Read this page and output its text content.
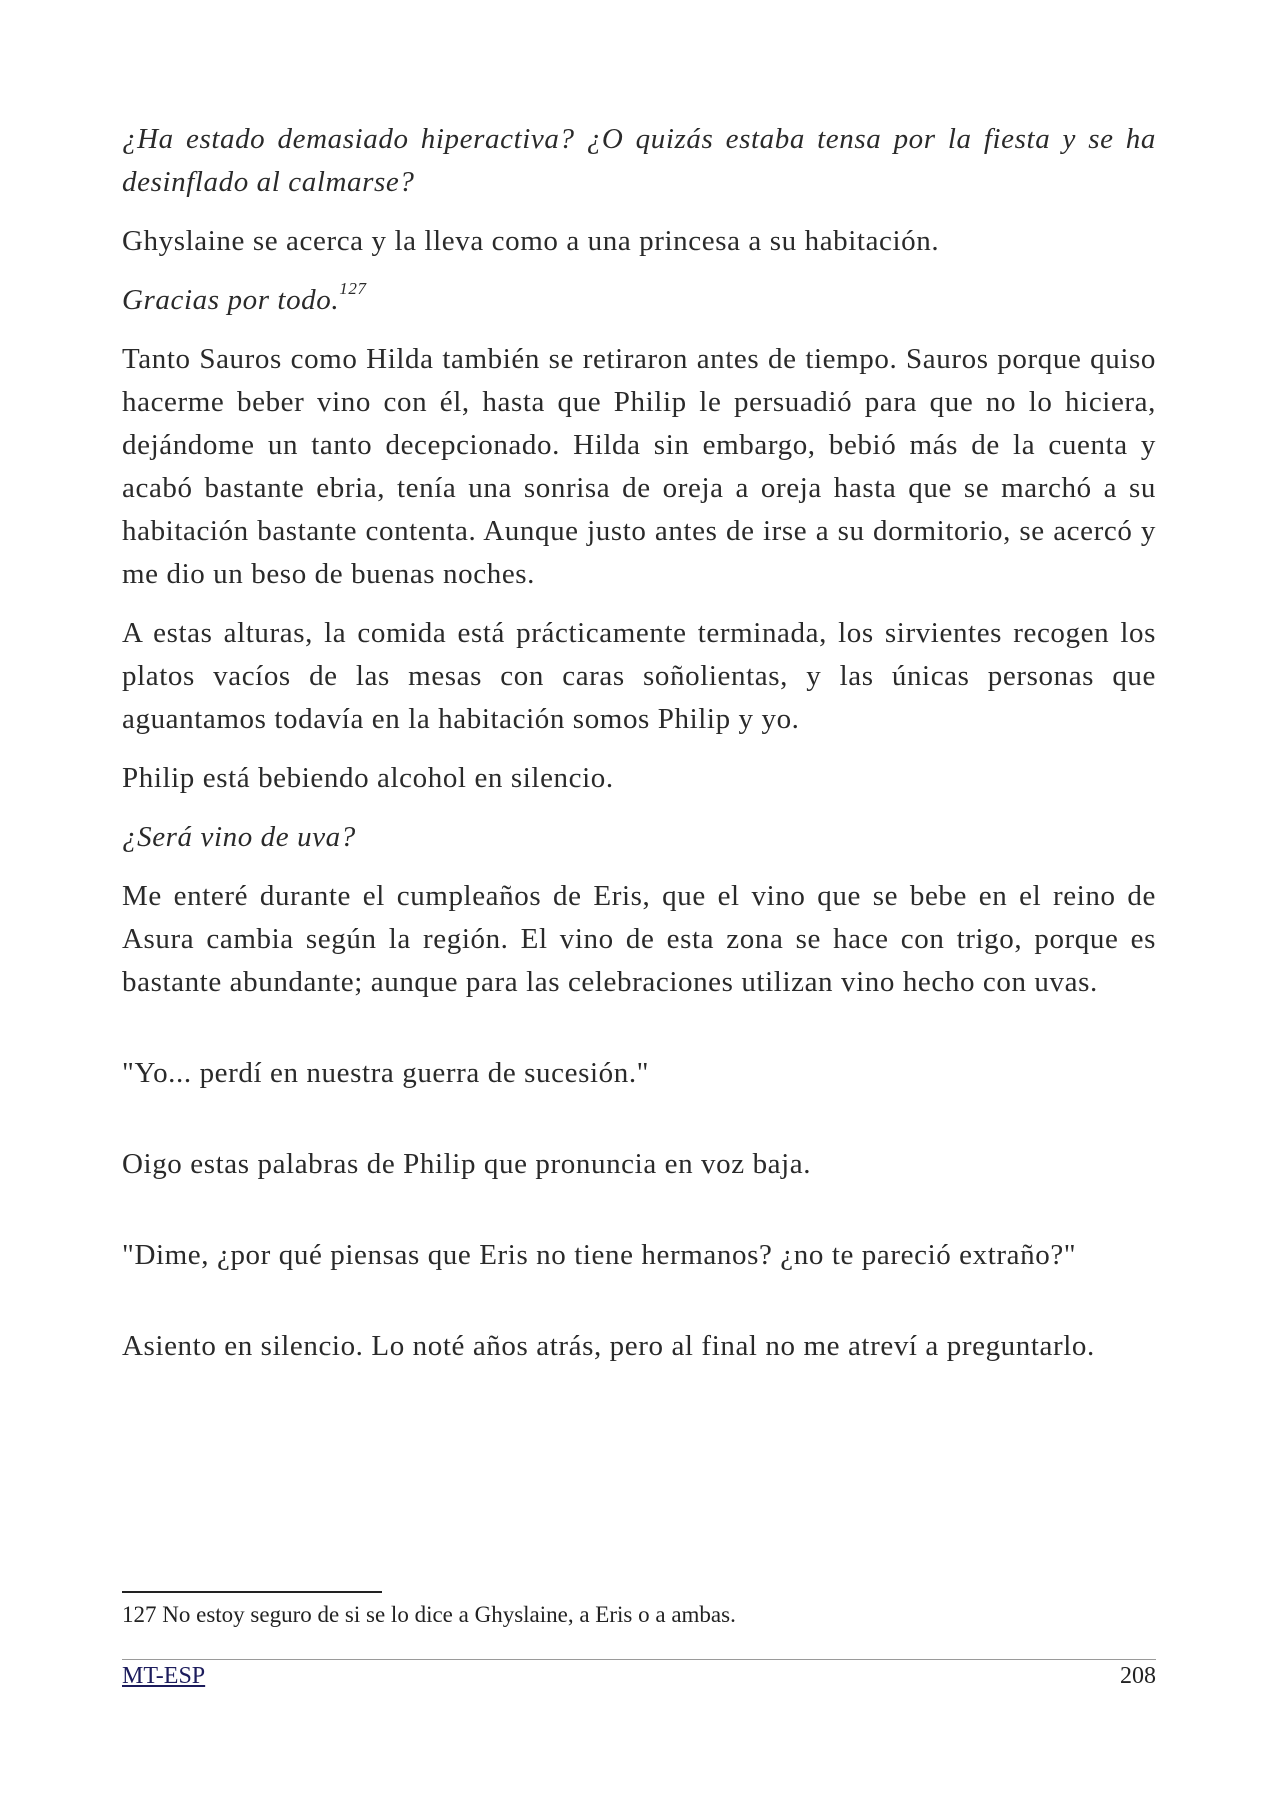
¿Ha estado demasiado hiperactiva? ¿O quizás estaba tensa por la fiesta y se ha desinflado al calmarse?

Ghyslaine se acerca y la lleva como a una princesa a su habitación.

Gracias por todo.$^{127}$

Tanto Sauros como Hilda también se retiraron antes de tiempo. Sauros porque quiso hacerme beber vino con él, hasta que Philip le persuadió para que no lo hiciera, dejándome un tanto decepcionado. Hilda sin embargo, bebió más de la cuenta y acabó bastante ebria, tenía una sonrisa de oreja a oreja hasta que se marchó a su habitación bastante contenta. Aunque justo antes de irse a su dormitorio, se acercó y me dio un beso de buenas noches.

A estas alturas, la comida está prácticamente terminada, los sirvientes recogen los platos vacíos de las mesas con caras soñolientas, y las únicas personas que aguantamos todavía en la habitación somos Philip y yo.

Philip está bebiendo alcohol en silencio.

¿Será vino de uva?

Me enteré durante el cumpleaños de Eris, que el vino que se bebe en el reino de Asura cambia según la región. El vino de esta zona se hace con trigo, porque es bastante abundante; aunque para las celebraciones utilizan vino hecho con uvas.

"Yo... perdí en nuestra guerra de sucesión."

Oigo estas palabras de Philip que pronuncia en voz baja.

"Dime, ¿por qué piensas que Eris no tiene hermanos? ¿no te pareció extraño?"

Asiento en silencio. Lo noté años atrás, pero al final no me atreví a preguntarlo.

127 No estoy seguro de si se lo dice a Ghyslaine, a Eris o a ambas.
MT-ESP	208
